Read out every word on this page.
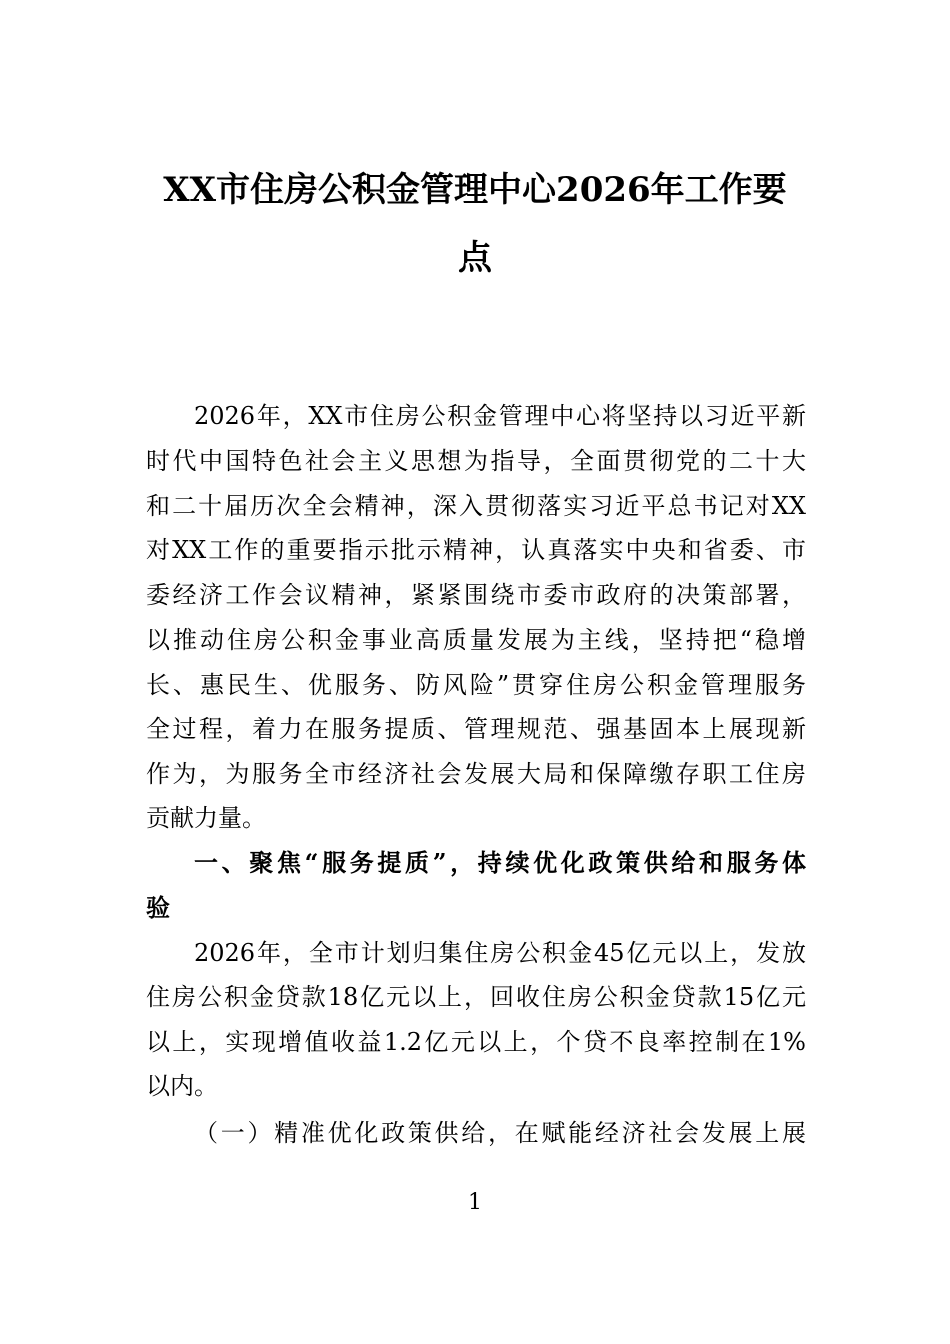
XX市住房公积金管理中心2026年工作要
点
2026年，XX市住房公积金管理中心将坚持以习近平新
时代中国特色社会主义思想为指导，全面贯彻党的二十大
和二十届历次全会精神，深入贯彻落实习近平总书记对XX
对XX工作的重要指示批示精神，认真落实中央和省委、市
委经济工作会议精神，紧紧围绕市委市政府的决策部署，
以推动住房公积金事业高质量发展为主线，坚持把“稳增
长、惠民生、优服务、防风险”贯穿住房公积金管理服务
全过程，着力在服务提质、管理规范、强基固本上展现新
作为，为服务全市经济社会发展大局和保障缴存职工住房
贡献力量。
一、聚焦“服务提质”，持续优化政策供给和服务体
验
2026年，全市计划归集住房公积金45亿元以上，发放
住房公积金贷款18亿元以上，回收住房公积金贷款15亿元
以上，实现增值收益1.2亿元以上，个贷不良率控制在1%
以内。
（一）精准优化政策供给，在赋能经济社会发展上展
1
